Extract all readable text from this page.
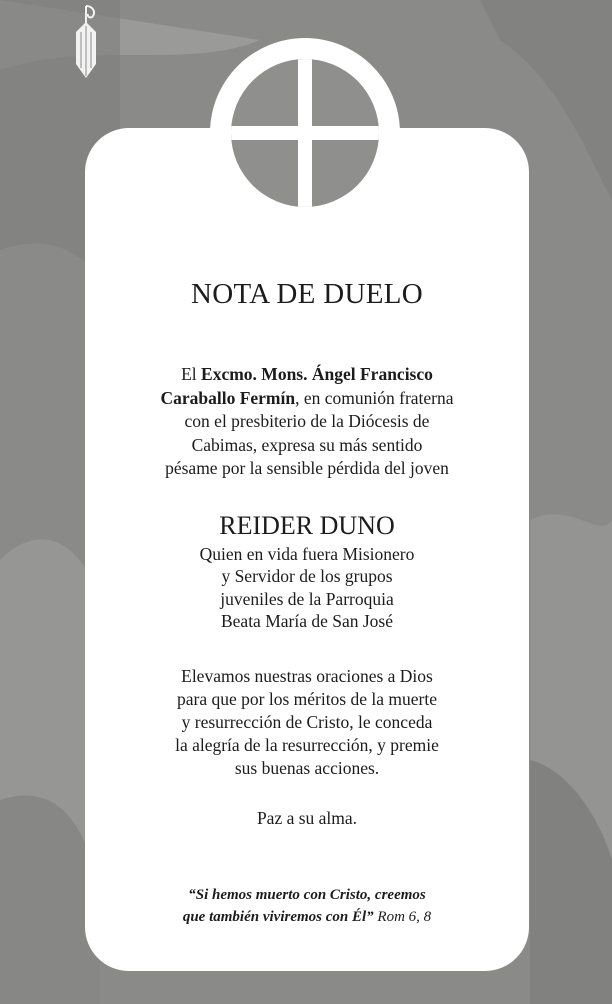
NOTA DE DUELO

El Excmo. Mons. Ángel Francisco
Caraballo Fermín, en comunión fraterna
con el presbiterio de la Diócesis de
Cabimas, expresa su más sentido
pésame por la sensible pérdida del joven

REIDER DUNO

Quien en vida fuera Misionero
y Servidor de los grupos
juveniles de la Parroquia
Beata María de San José

Elevamos nuestras oraciones a Dios
para que por los méritos de la muerte
y resurrección de Cristo, le conceda
la alegría de la resurrección, y premie
sus buenas acciones.

Paz a su alma.

“Si hemos muerto con Cristo, creemos
que también viviremos con Él” Rom 6, 8
